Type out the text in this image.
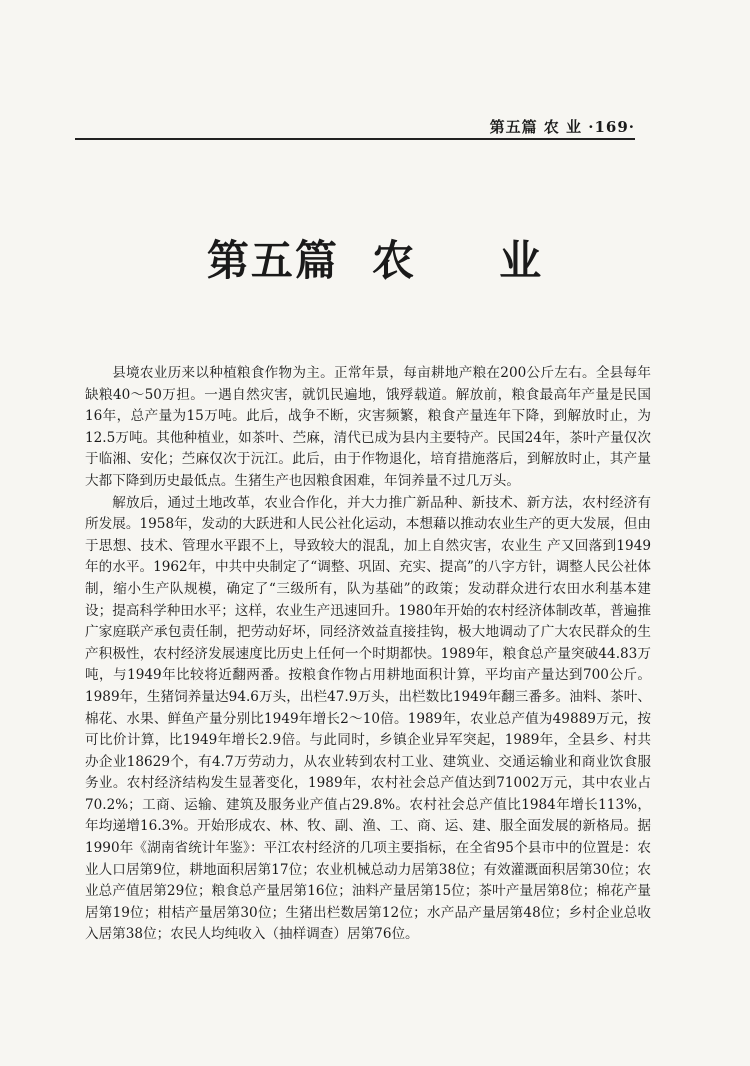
第五篇 农 业 ·169·
第五篇  农     业

县境农业历来以种植粮食作物为主。正常年景，每亩耕地产粮在200公斤左右。全县每年缺粮40～50万担。一遇自然灾害，就饥民遍地，饿殍载道。解放前，粮食最高年产量是民国16年，总产量为15万吨。此后，战争不断，灾害频繁，粮食产量连年下降，到解放时止，为12.5万吨。其他种植业，如茶叶、苎麻，清代已成为县内主要特产。民国24年，茶叶产量仅次于临湘、安化；苎麻仅次于沅江。此后，由于作物退化，培育措施落后，到解放时止，其产量大都下降到历史最低点。生猪生产也因粮食困难，年饲养量不过几万头。

解放后，通过土地改革，农业合作化，并大力推广新品种、新技术、新方法，农村经济有所发展。1958年，发动的大跃进和人民公社化运动，本想藉以推动农业生产的更大发展，但由于思想、技术、管理水平跟不上，导致较大的混乱，加上自然灾害，农业生 产又回落到1949年的水平。1962年，中共中央制定了“调整、巩固、充实、提高”的八字方针，调整人民公社体制，缩小生产队规模，确定了“三级所有，队为基础”的政策；发动群众进行农田水利基本建设；提高科学种田水平；这样，农业生产迅速回升。1980年开始的农村经济体制改革，普遍推广家庭联产承包责任制，把劳动好坏，同经济效益直接挂钩，极大地调动了广大农民群众的生产积极性，农村经济发展速度比历史上任何一个时期都快。1989年，粮食总产量突破44.83万吨，与1949年比较将近翻两番。按粮食作物占用耕地面积计算，平均亩产量达到700公斤。1989年，生猪饲养量达94.6万头，出栏47.9万头，出栏数比1949年翻三番多。油料、茶叶、棉花、水果、鲜鱼产量分别比1949年增长2～10倍。1989年，农业总产值为49889万元，按可比价计算，比1949年增长2.9倍。与此同时，乡镇企业异军突起，1989年，全县乡、村共办企业18629个，有4.7万劳动力，从农业转到农村工业、建筑业、交通运输业和商业饮食服务业。农村经济结构发生显著变化，1989年，农村社会总产值达到71002万元，其中农业占70.2%；工商、运输、建筑及服务业产值占29.8%。农村社会总产值比1984年增长113%，年均递增16.3%。开始形成农、林、牧、副、渔、工、商、运、建、服全面发展的新格局。据1990年《湖南省统计年鉴》：平江农村经济的几项主要指标，在全省95个县市中的位置是：农业人口居第9位，耕地面积居第17位；农业机械总动力居第38位；有效灌溉面积居第30位；农业总产值居第29位；粮食总产量居第16位；油料产量居第15位；茶叶产量居第8位；棉花产量 居第19位；柑桔产量居第30位；生猪出栏数居第12位；水产品产量居第48位；乡村企业总收入居第38位；农民人均纯收入（抽样调查）居第76位。
